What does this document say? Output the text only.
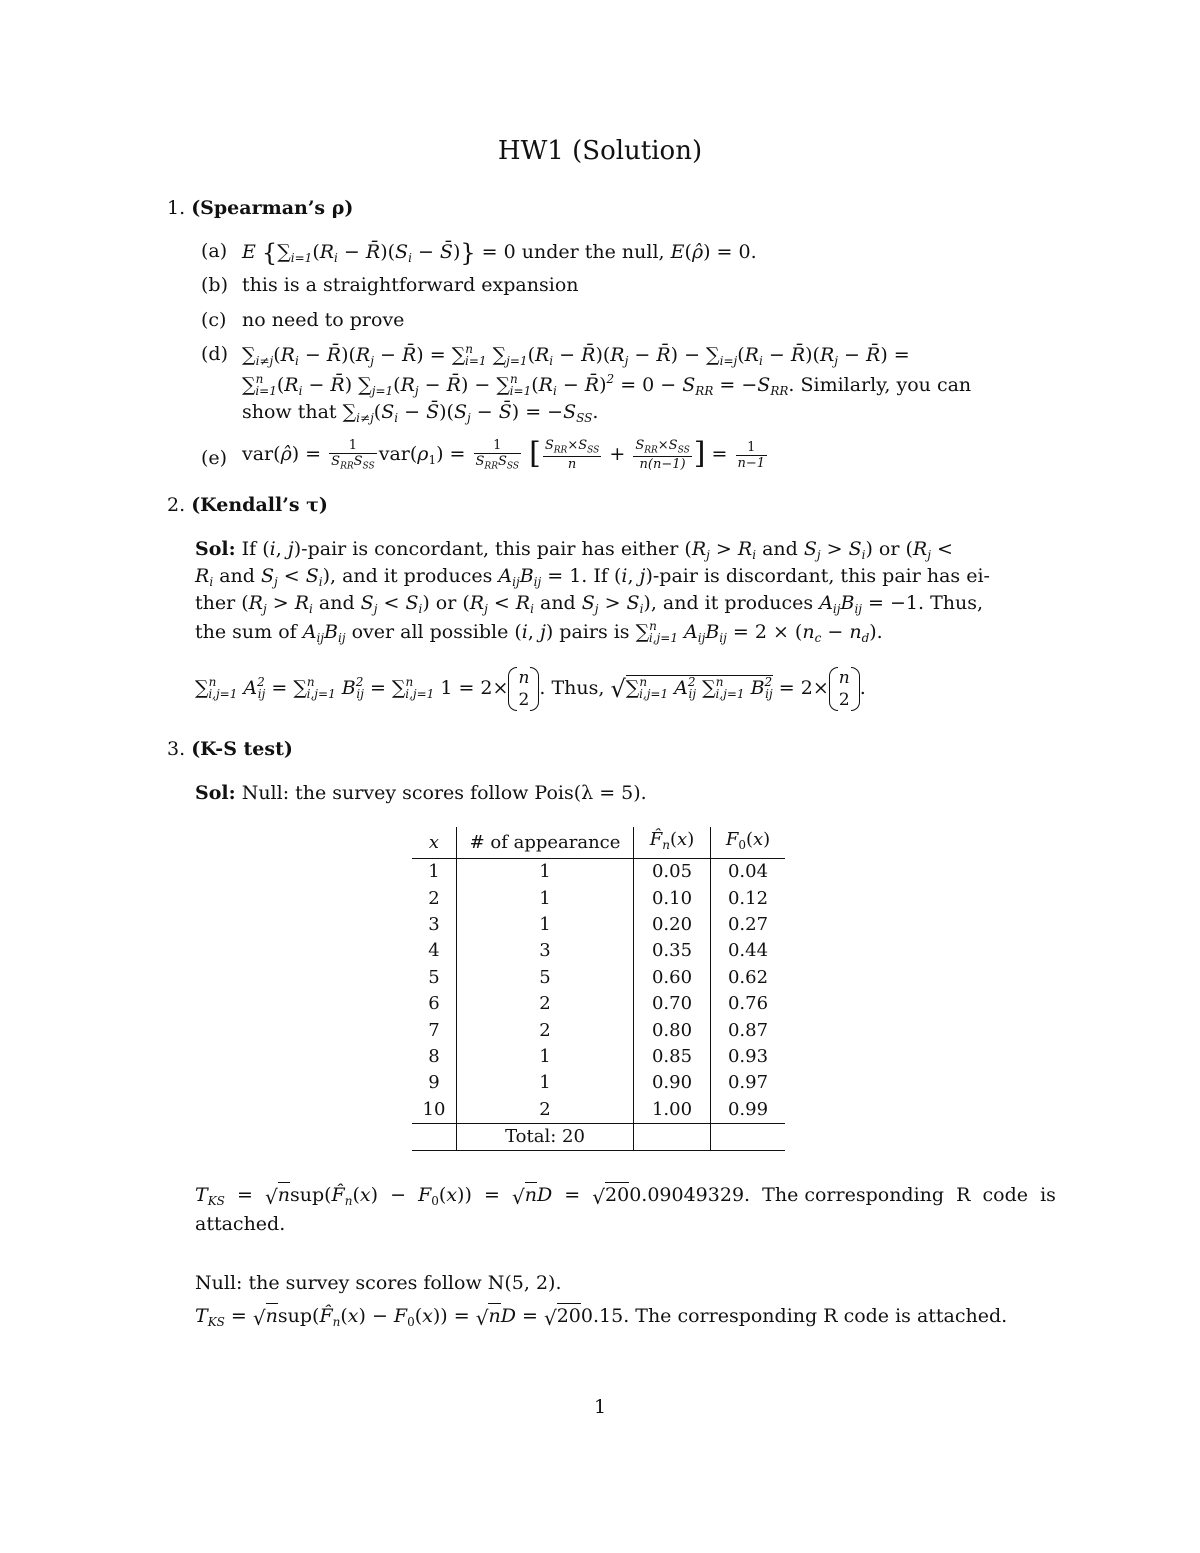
HW1 (Solution)
1. (Spearman’s ρ)
(a) E {$\sum_{i=1}(R_i$ − $R̄)(S_i$ − S̄)} = 0 under the null, E(ρ̂) = 0.
(b) this is a straightforward expansion
(c) no need to prove
(d) $\sum_{i\ne j}(R_i$ − $R̄)(R_j$ − R̄) = ∑$^n_{i=1}$ $\sum_{j=1}(R_i$ − $R̄)(R_j$ − R̄) − $\sum_{i=j}(R_i$ − $R̄)(R_j$ − R̄) =
$\sum^n_{i=1}(R_i$ − R̄) $\sum_{j=1}(R_j$ − R̄) − $\sum^n_{i=1}(R_i$ − R̄)$^2$ = $0 - S_{RR} = -S_{RR}$. Similarly, you can
show that $\sum_{i\ne j}(S_i$ − $S̄)(S_j$ − S̄) = $-S_{SS}$.
(e) var(ρ̂) = $\frac{1}{S_{RR}S_{SS}} var(\rho_1) = \frac{1}{S_{RR}S_{SS}}$ [ $\frac{S_{RR}\times S_{SS}}{n} + \frac{S_{RR}\times S_{SS}}{n(n-1)}$ ] = $\frac{1}{n-1}$
2. (Kendall’s τ)
Sol: If (i, j)-pair is concordant, this pair has either ($R_j > R_i$ and $S_j > S_i$) or ($R_j$ <
$R_i$ and $S_j < S_i$), and it produces $A_{ij}B_{ij} = 1$. If (i, j)-pair is discordant, this pair has ei-
ther ($R_j > R_i$ and $S_j < S_i$) or ($R_j < R_i$ and $S_j > S_i$), and it produces $A_{ij}B_{ij} = -1$. Thus,
the sum of $A_{ij}B_{ij}$ over all possible (i, j) pairs is ∑$^n_{i,j=1}$ $A_{ij}B_{ij} = 2 \times (n_c - n_d)$.
∑$^n_{i,j=1}$ $A^2_{ij} = \sum^n_{i,j=1}$ $B^2_{ij} = \sum^n_{i,j=1}$ 1 = 2× n
2. Thus, √∑$^n_{i,j=1}$ $A^2_{ij}$ ∑$^n_{i,j=1}$ $B^2_{ij} = 2\times n$
2.
3. (K-S test)
Sol: Null: the survey scores follow Pois(λ = 5).
x	# of appearance	$F̂_n(x)$	$F_0(x)$
1	1	0.05	0.04
2	1	0.10	0.12
3	1	0.20	0.27
4	3	0.35	0.44
5	5	0.60	0.62
6	2	0.70	0.76
7	2	0.80	0.87
8	1	0.85	0.93
9	1	0.90	0.97
10	2	1.00	0.99
	Total: 20		
$T_{KS}$  =  $√nsup(F̂_n(x) - F_0(x)) = √nD = √200.09049329$.  The corresponding  R  code  is
attached.
Null: the survey scores follow N(5, 2).
$T_{KS}$ = $√nsup(F̂_n(x) - F_0(x)) = √nD = √200.15$. The corresponding R code is attached.
1
